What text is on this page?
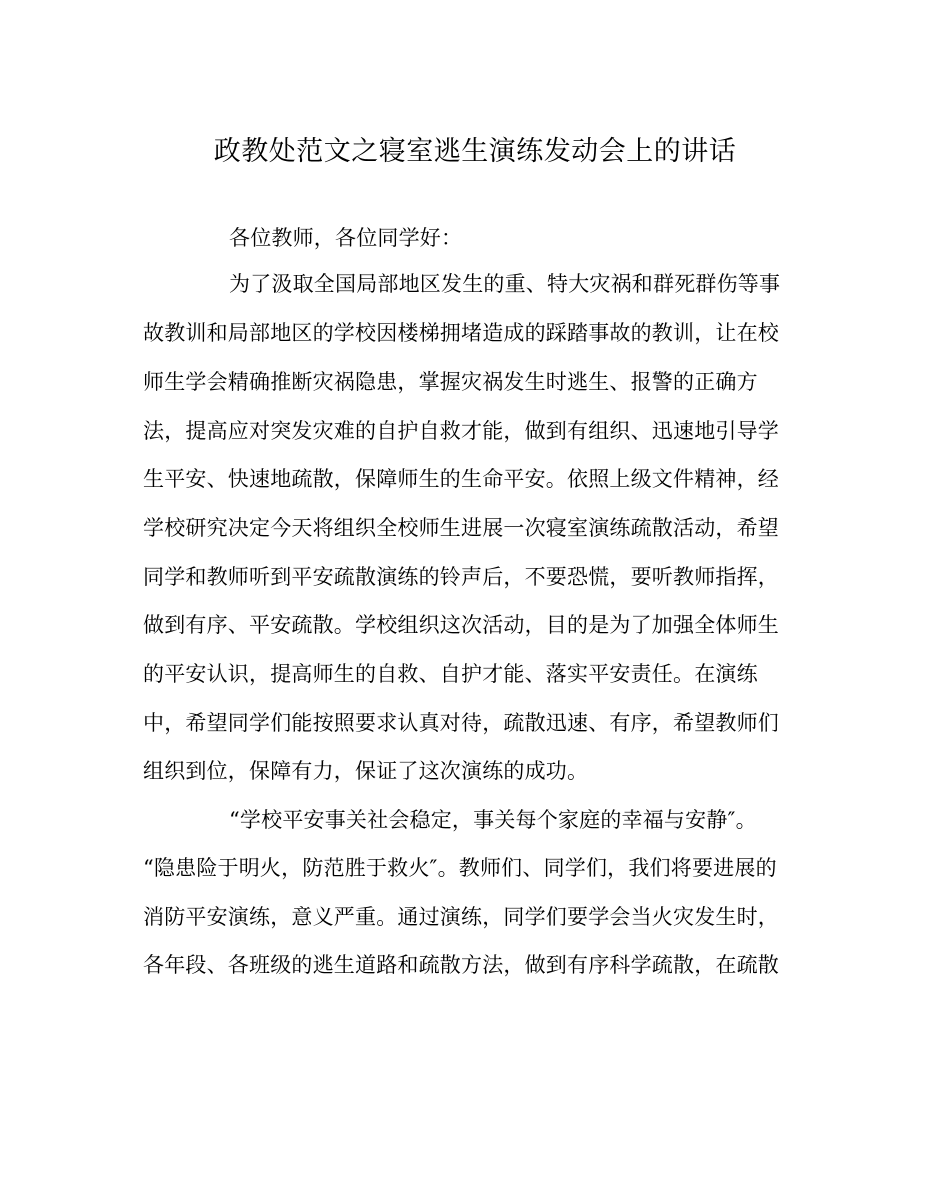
政教处范文之寝室逃生演练发动会上的讲话
各位教师，各位同学好：
为了汲取全国局部地区发生的重、特大灾祸和群死群伤等事
故教训和局部地区的学校因楼梯拥堵造成的踩踏事故的教训，让在校
师生学会精确推断灾祸隐患，掌握灾祸发生时逃生、报警的正确方
法，提高应对突发灾难的自护自救才能，做到有组织、迅速地引导学
生平安、快速地疏散，保障师生的生命平安。依照上级文件精神，经
学校研究决定今天将组织全校师生进展一次寝室演练疏散活动，希望
同学和教师听到平安疏散演练的铃声后，不要恐慌，要听教师指挥，
做到有序、平安疏散。学校组织这次活动，目的是为了加强全体师生
的平安认识，提高师生的自救、自护才能、落实平安责任。在演练
中，希望同学们能按照要求认真对待，疏散迅速、有序，希望教师们
组织到位，保障有力，保证了这次演练的成功。
“学校平安事关社会稳定，事关每个家庭的幸福与安静″。
“隐患险于明火，防范胜于救火″。教师们、同学们，我们将要进展的
消防平安演练，意义严重。通过演练，同学们要学会当火灾发生时，
各年段、各班级的逃生道路和疏散方法，做到有序科学疏散，在疏散
